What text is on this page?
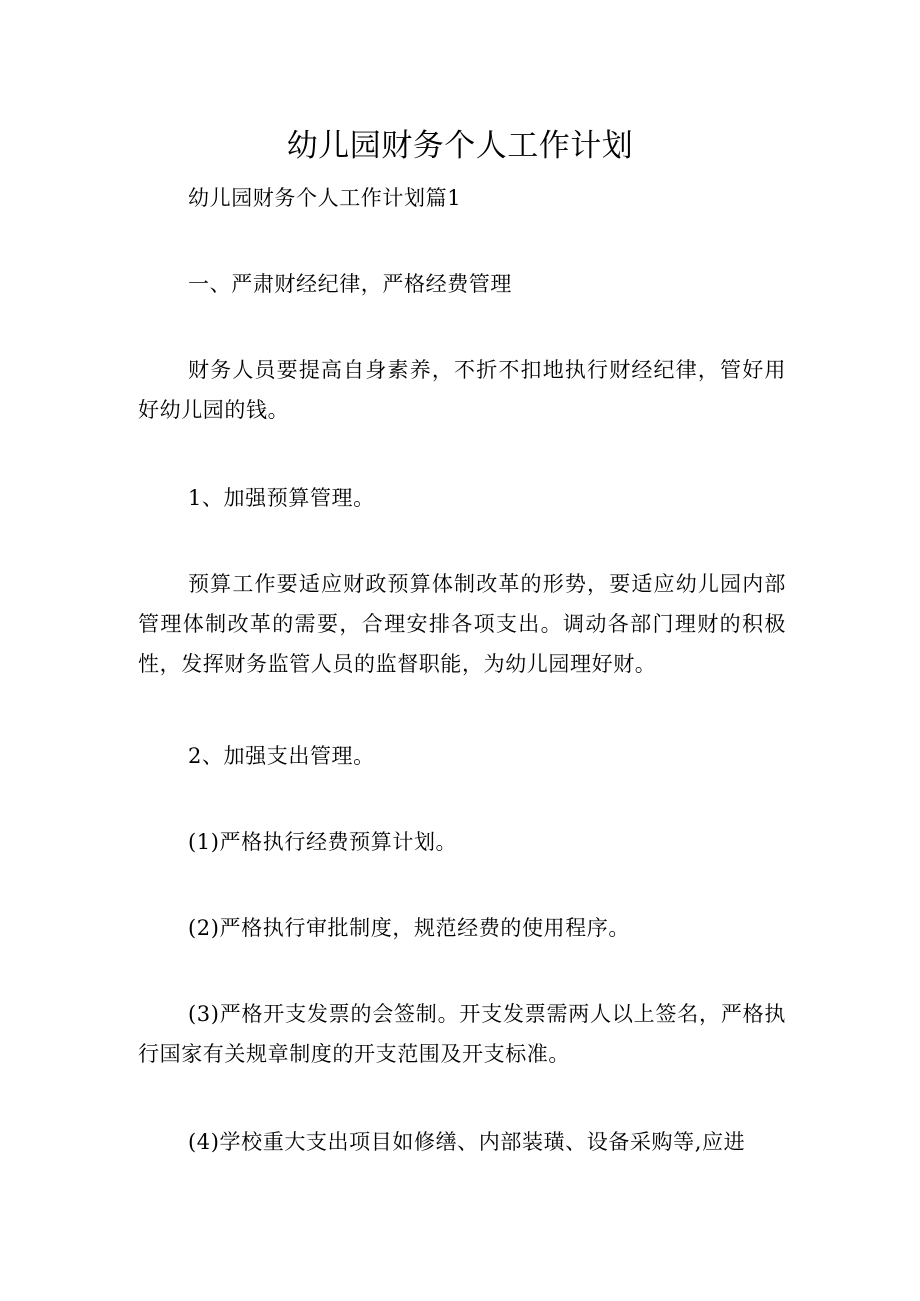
幼儿园财务个人工作计划

幼儿园财务个人工作计划篇1

一、严肃财经纪律，严格经费管理

财务人员要提高自身素养，不折不扣地执行财经纪律，管好用好幼儿园的钱。

1、加强预算管理。

预算工作要适应财政预算体制改革的形势，要适应幼儿园内部管理体制改革的需要，合理安排各项支出。调动各部门理财的积极性，发挥财务监管人员的监督职能，为幼儿园理好财。

2、加强支出管理。

(1)严格执行经费预算计划。

(2)严格执行审批制度，规范经费的使用程序。

(3)严格开支发票的会签制。开支发票需两人以上签名，严格执行国家有关规章制度的开支范围及开支标准。

(4)学校重大支出项目如修缮、内部装璜、设备采购等,应进
